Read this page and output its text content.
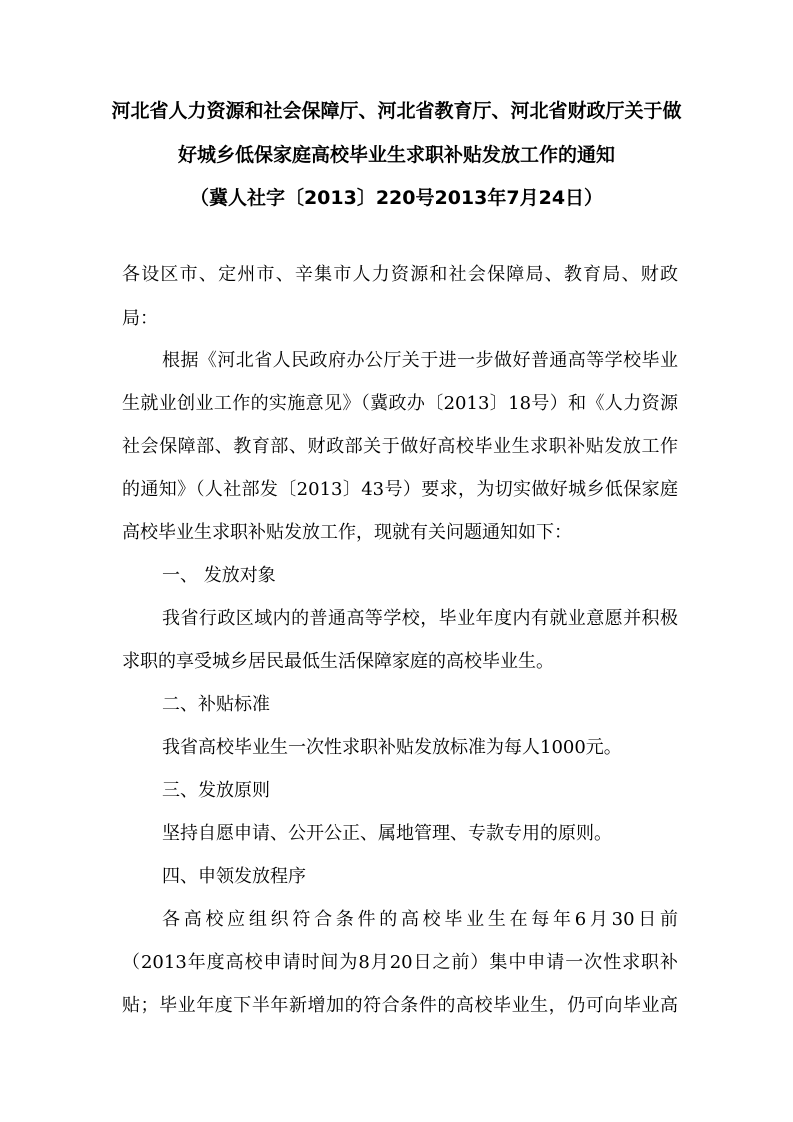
河北省人力资源和社会保障厅、河北省教育厅、河北省财政厅关于做
好城乡低保家庭高校毕业生求职补贴发放工作的通知
（冀人社字〔2013〕220号2013年7月24日）
各设区市、定州市、辛集市人力资源和社会保障局、教育局、财政
局：
根据《河北省人民政府办公厅关于进一步做好普通高等学校毕业
生就业创业工作的实施意见》（冀政办〔2013〕18号）和《人力资源
社会保障部、教育部、财政部关于做好高校毕业生求职补贴发放工作
的通知》（人社部发〔2013〕43号）要求，为切实做好城乡低保家庭
高校毕业生求职补贴发放工作，现就有关问题通知如下：
一、 发放对象
我省行政区域内的普通高等学校，毕业年度内有就业意愿并积极
求职的享受城乡居民最低生活保障家庭的高校毕业生。
二、补贴标准
我省高校毕业生一次性求职补贴发放标准为每人1000元。
三、发放原则
坚持自愿申请、公开公正、属地管理、专款专用的原则。
四、申领发放程序
各高校应组织符合条件的高校毕业生在每年6月30日前
（2013年度高校申请时间为8月20日之前）集中申请一次性求职补
贴；毕业年度下半年新增加的符合条件的高校毕业生，仍可向毕业高
